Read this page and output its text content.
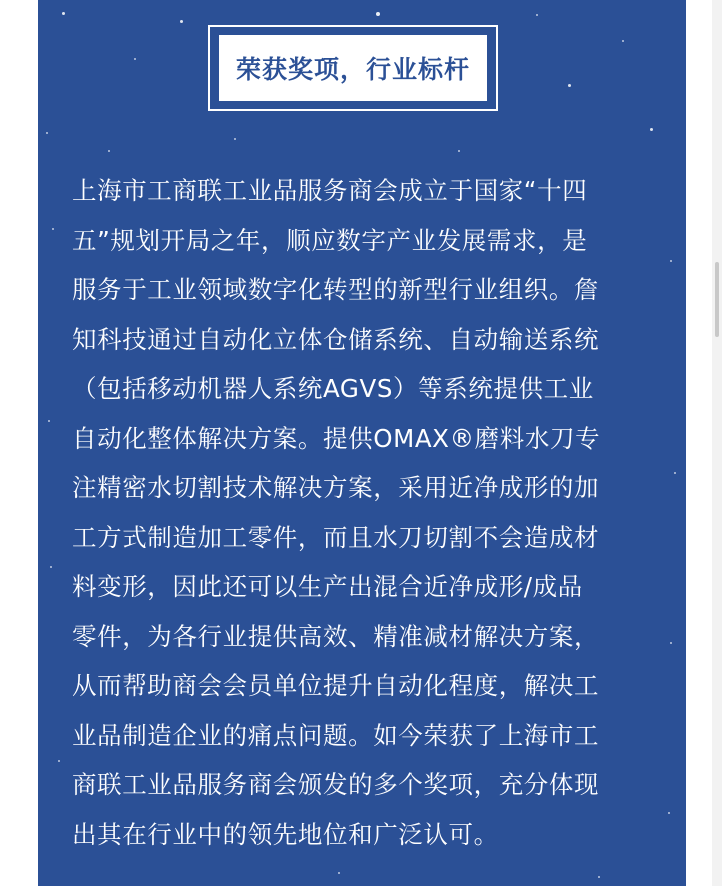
荣获奖项，行业标杆

上海市工商联工业品服务商会成立于国家“十四
五”规划开局之年，顺应数字产业发展需求，是
服务于工业领域数字化转型的新型行业组织。詹
知科技通过自动化立体仓储系统、自动输送系统
（包括移动机器人系统AGVS）等系统提供工业
自动化整体解决方案。提供OMAX®磨料水刀专
注精密水切割技术解决方案，采用近净成形的加
工方式制造加工零件，而且水刀切割不会造成材
料变形，因此还可以生产出混合近净成形/成品
零件，为各行业提供高效、精准减材解决方案，
从而帮助商会会员单位提升自动化程度，解决工
业品制造企业的痛点问题。如今荣获了上海市工
商联工业品服务商会颁发的多个奖项，充分体现
出其在行业中的领先地位和广泛认可。
